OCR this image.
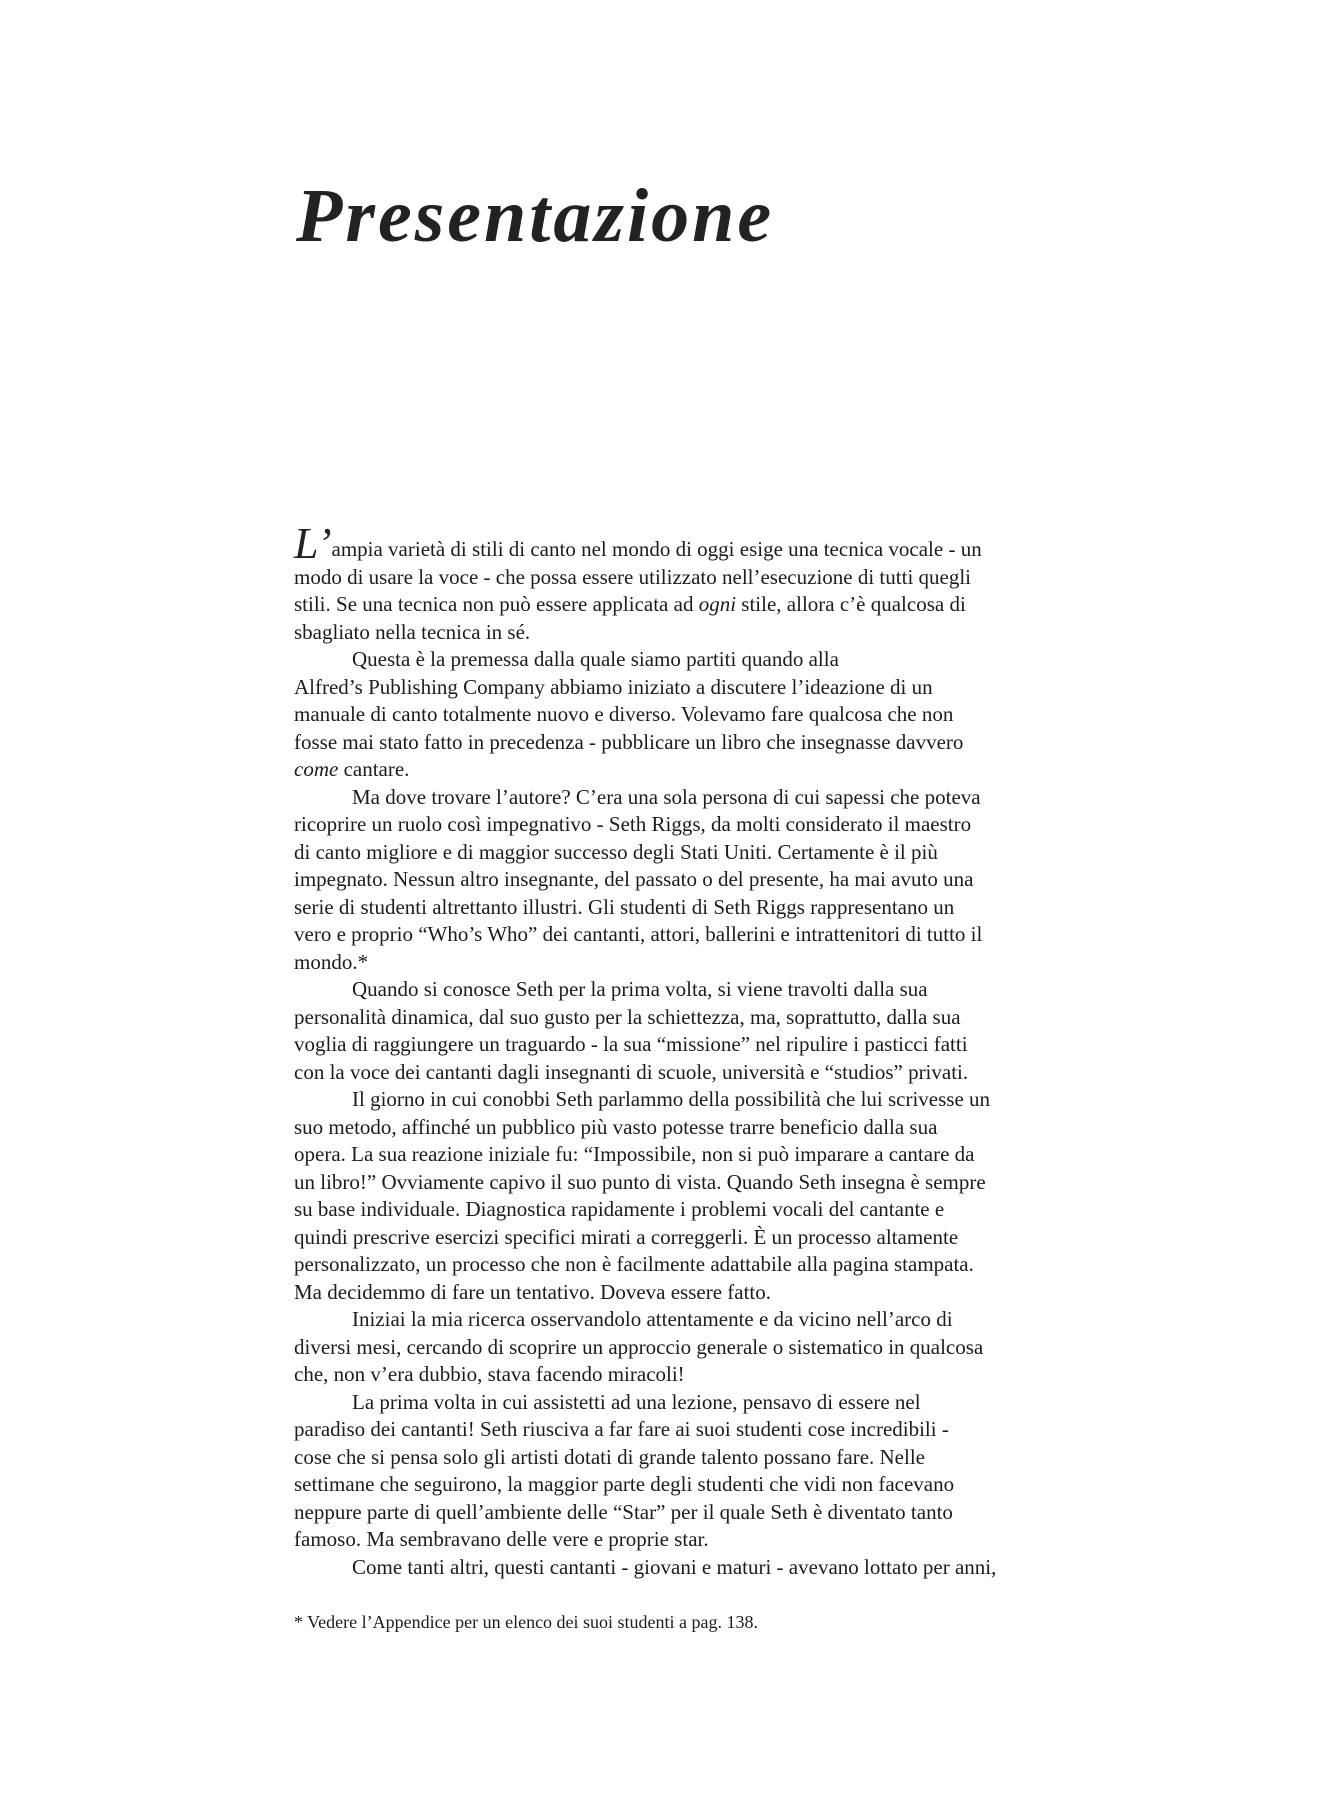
Presentazione

L’ampia varietà di stili di canto nel mondo di oggi esige una tecnica vocale - un
modo di usare la voce - che possa essere utilizzato nell’esecuzione di tutti quegli
stili. Se una tecnica non può essere applicata ad ogni stile, allora c’è qualcosa di
sbagliato nella tecnica in sé.

Questa è la premessa dalla quale siamo partiti quando alla
Alfred’s Publishing Company abbiamo iniziato a discutere l’ideazione di un
manuale di canto totalmente nuovo e diverso. Volevamo fare qualcosa che non
fosse mai stato fatto in precedenza - pubblicare un libro che insegnasse davvero
come cantare.

Ma dove trovare l’autore? C’era una sola persona di cui sapessi che poteva
ricoprire un ruolo così impegnativo - Seth Riggs, da molti considerato il maestro
di canto migliore e di maggior successo degli Stati Uniti. Certamente è il più
impegnato. Nessun altro insegnante, del passato o del presente, ha mai avuto una
serie di studenti altrettanto illustri. Gli studenti di Seth Riggs rappresentano un
vero e proprio “Who’s Who” dei cantanti, attori, ballerini e intrattenitori di tutto il
mondo.*

Quando si conosce Seth per la prima volta, si viene travolti dalla sua
personalità dinamica, dal suo gusto per la schiettezza, ma, soprattutto, dalla sua
voglia di raggiungere un traguardo - la sua “missione” nel ripulire i pasticci fatti
con la voce dei cantanti dagli insegnanti di scuole, università e “studios” privati.

Il giorno in cui conobbi Seth parlammo della possibilità che lui scrivesse un
suo metodo, affinché un pubblico più vasto potesse trarre beneficio dalla sua
opera. La sua reazione iniziale fu: “Impossibile, non si può imparare a cantare da
un libro!” Ovviamente capivo il suo punto di vista. Quando Seth insegna è sempre
su base individuale. Diagnostica rapidamente i problemi vocali del cantante e
quindi prescrive esercizi specifici mirati a correggerli. È un processo altamente
personalizzato, un processo che non è facilmente adattabile alla pagina stampata.
Ma decidemmo di fare un tentativo. Doveva essere fatto.

Iniziai la mia ricerca osservandolo attentamente e da vicino nell’arco di
diversi mesi, cercando di scoprire un approccio generale o sistematico in qualcosa
che, non v’era dubbio, stava facendo miracoli!

La prima volta in cui assistetti ad una lezione, pensavo di essere nel
paradiso dei cantanti! Seth riusciva a far fare ai suoi studenti cose incredibili -
cose che si pensa solo gli artisti dotati di grande talento possano fare. Nelle
settimane che seguirono, la maggior parte degli studenti che vidi non facevano
neppure parte di quell’ambiente delle “Star” per il quale Seth è diventato tanto
famoso. Ma sembravano delle vere e proprie star.

Come tanti altri, questi cantanti - giovani e maturi - avevano lottato per anni,

* Vedere l’Appendice per un elenco dei suoi studenti a pag. 138.
